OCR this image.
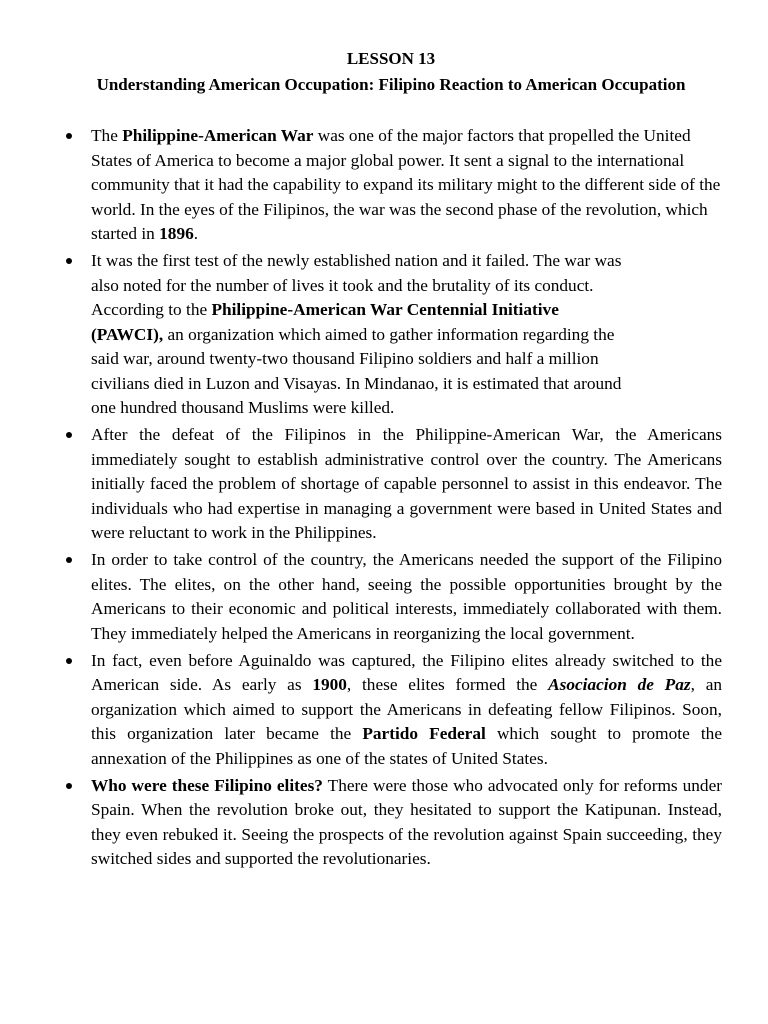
LESSON 13
Understanding American Occupation: Filipino Reaction to American Occupation
The Philippine-American War was one of the major factors that propelled the United States of America to become a major global power. It sent a signal to the international community that it had the capability to expand its military might to the different side of the world. In the eyes of the Filipinos, the war was the second phase of the revolution, which started in 1896.
It was the first test of the newly established nation and it failed. The war was
also noted for the number of lives it took and the brutality of its conduct.
According to the Philippine-American War Centennial Initiative
(PAWCI), an organization which aimed to gather information regarding the
said war, around twenty-two thousand Filipino soldiers and half a million
civilians died in Luzon and Visayas. In Mindanao, it is estimated that around
one hundred thousand Muslims were killed.
After the defeat of the Filipinos in the Philippine-American War, the Americans immediately sought to establish administrative control over the country. The Americans initially faced the problem of shortage of capable personnel to assist in this endeavor. The individuals who had expertise in managing a government were based in United States and were reluctant to work in the Philippines.
In order to take control of the country, the Americans needed the support of the Filipino elites. The elites, on the other hand, seeing the possible opportunities brought by the Americans to their economic and political interests, immediately collaborated with them. They immediately helped the Americans in reorganizing the local government.
In fact, even before Aguinaldo was captured, the Filipino elites already switched to the American side. As early as 1900, these elites formed the Asociacion de Paz, an organization which aimed to support the Americans in defeating fellow Filipinos. Soon, this organization later became the Partido Federal which sought to promote the annexation of the Philippines as one of the states of United States.
Who were these Filipino elites? There were those who advocated only for reforms under Spain. When the revolution broke out, they hesitated to support the Katipunan. Instead, they even rebuked it. Seeing the prospects of the revolution against Spain succeeding, they switched sides and supported the revolutionaries.
